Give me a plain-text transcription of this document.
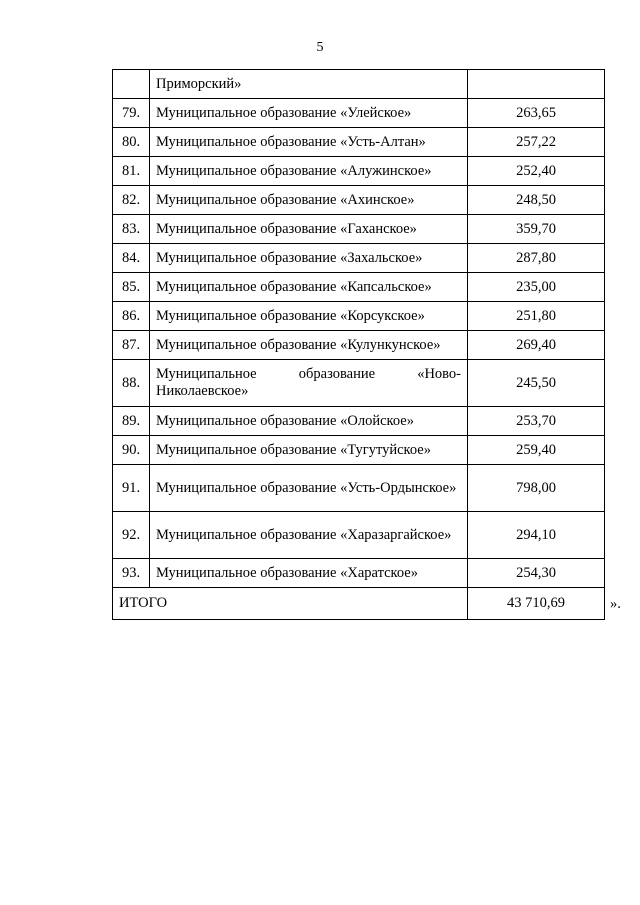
5
	Приморский»	
79.	Муниципальное образование «Улейское»	263,65
80.	Муниципальное образование «Усть-Алтан»	257,22
81.	Муниципальное образование «Алужинское»	252,40
82.	Муниципальное образование «Ахинское»	248,50
83.	Муниципальное образование «Гаханское»	359,70
84.	Муниципальное образование «Захальское»	287,80
85.	Муниципальное образование «Капсальское»	235,00
86.	Муниципальное образование «Корсукское»	251,80
87.	Муниципальное образование «Кулункунское»	269,40
88.	Муниципальное образование «Ново-Николаевское»	245,50
89.	Муниципальное образование «Олойское»	253,70
90.	Муниципальное образование «Тугутуйское»	259,40
91.	Муниципальное образование «Усть-Ордынское»	798,00
92.	Муниципальное образование «Харазаргайское»	294,10
93.	Муниципальное образование «Харатское»	254,30
ИТОГО		43 710,69	».
